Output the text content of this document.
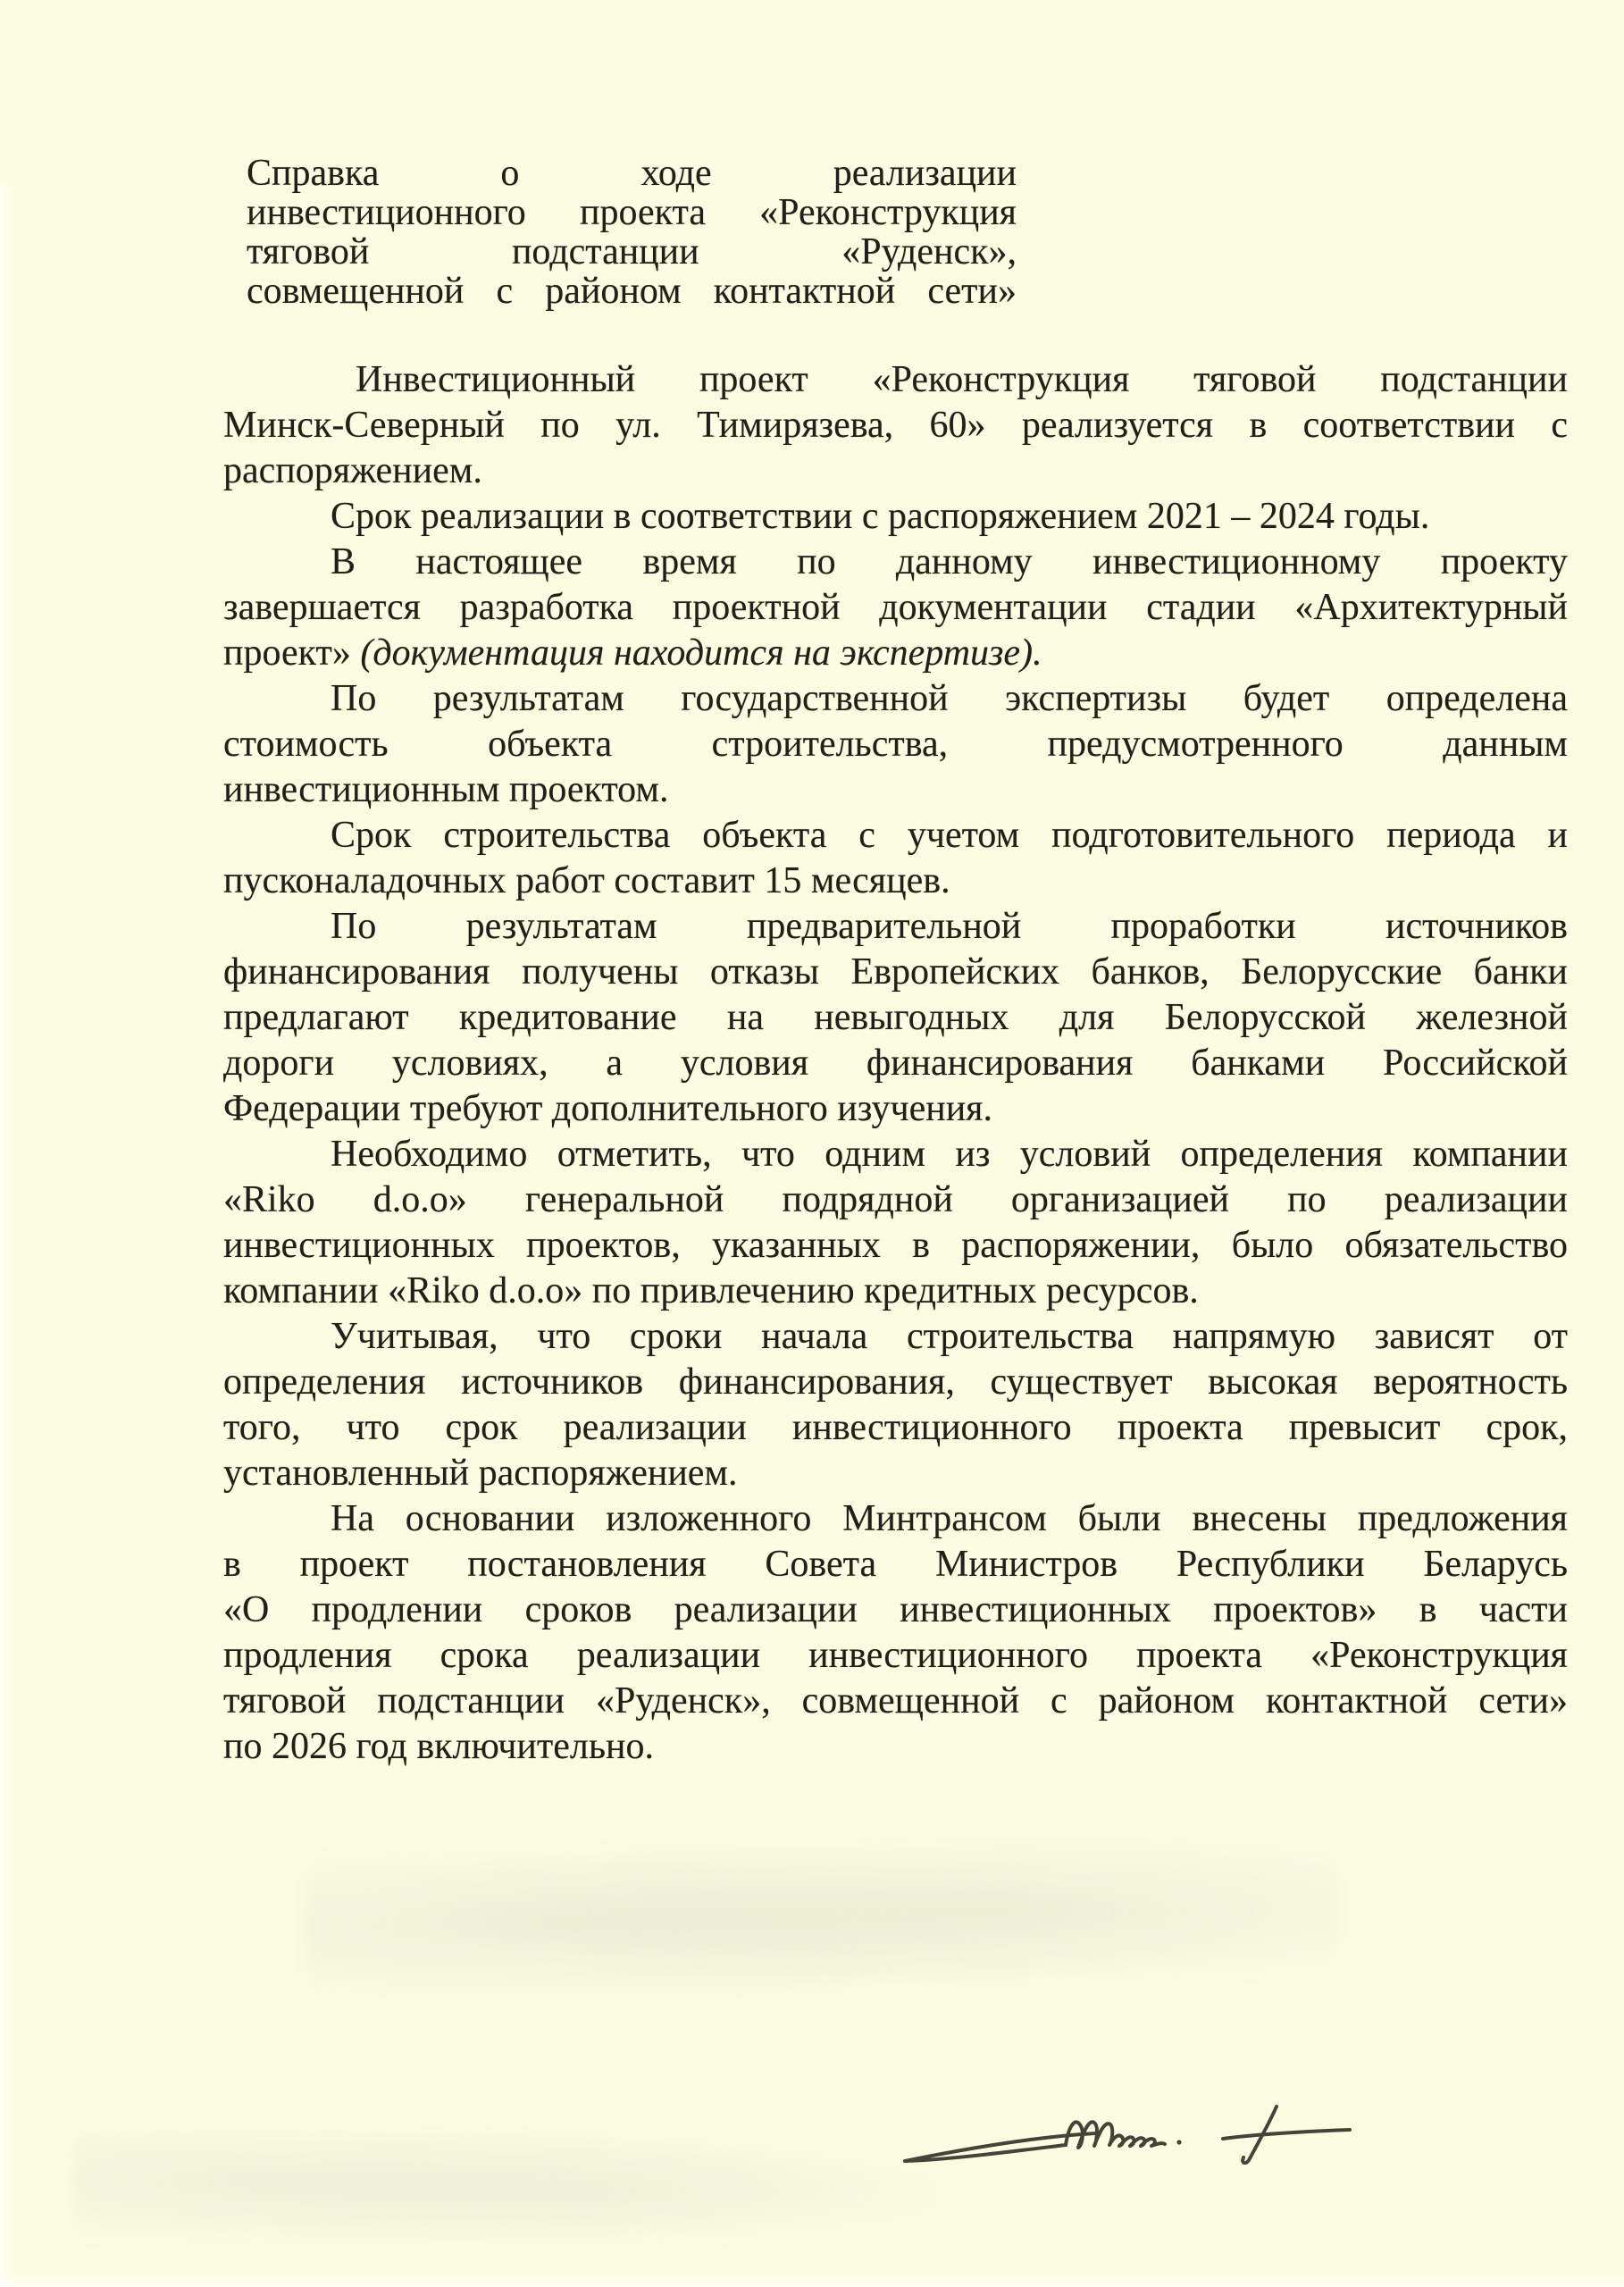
Справка о ходе реализации
инвестиционного проекта «Реконструкция
тяговой подстанции «Руденск»,
совмещенной с районом контактной сети»
Инвестиционный проект «Реконструкция тяговой подстанции
Минск-Северный по ул. Тимирязева, 60» реализуется в соответствии с
распоряжением.
Срок реализации в соответствии с распоряжением 2021 – 2024 годы.
В настоящее время по данному инвестиционному проекту
завершается разработка проектной документации стадии «Архитектурный
проект» (документация находится на экспертизе).
По результатам государственной экспертизы будет определена
стоимость объекта строительства, предусмотренного данным
инвестиционным проектом.
Срок строительства объекта с учетом подготовительного периода и
пусконаладочных работ составит 15 месяцев.
По результатам предварительной проработки источников
финансирования получены отказы Европейских банков, Белорусские банки
предлагают кредитование на невыгодных для Белорусской железной
дороги условиях, а условия финансирования банками Российской
Федерации требуют дополнительного изучения.
Необходимо отметить, что одним из условий определения компании
«Riko d.o.o» генеральной подрядной организацией по реализации
инвестиционных проектов, указанных в распоряжении, было обязательство
компании «Riko d.o.o» по привлечению кредитных ресурсов.
Учитывая, что сроки начала строительства напрямую зависят от
определения источников финансирования, существует высокая вероятность
того, что срок реализации инвестиционного проекта превысит срок,
установленный распоряжением.
На основании изложенного Минтрансом были внесены предложения
в проект постановления Совета Министров Республики Беларусь
«О продлении сроков реализации инвестиционных проектов» в части
продления срока реализации инвестиционного проекта «Реконструкция
тяговой подстанции «Руденск», совмещенной с районом контактной сети»
по 2026 год включительно.
